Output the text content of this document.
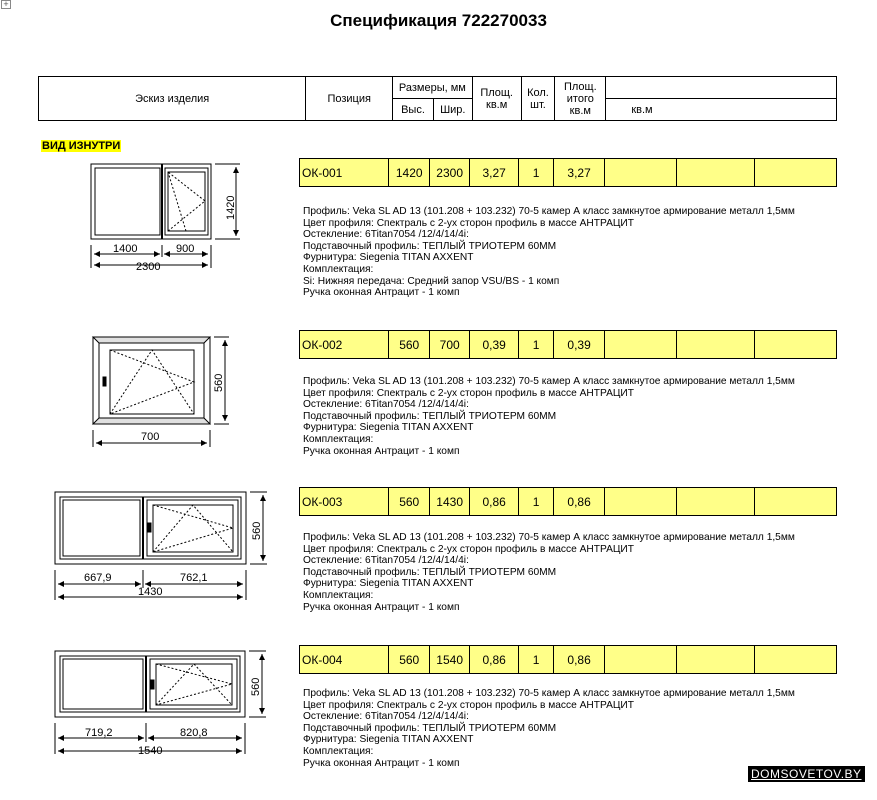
+
Спецификация 722270033
Эскиз изделия	Позиция	Размеры, мм		Площ. кв.м	Кол. шт.	Площ. итого кв.м	
		Выс.	Шир.				кв.м
ВИД ИЗНУТРИ
ОК-001	1420	2300	3,27	1	3,27			
Профиль: Veka SL AD 13 (101.208 + 103.232) 70-5 камер А класс замкнутое армирование металл 1,5мм
Цвет профиля: Спектраль с 2-ух сторон профиль в массе АНТРАЦИТ
Остекление: 6Titan7054 /12/4/14/4i:
Подставочный профиль: ТЕПЛЫЙ ТРИОТЕРМ 60ММ
Фурнитура: Siegenia TITAN AXXENT
Комплектация:
Si: Нижняя передача: Средний запор VSU/BS - 1 комп
Ручка оконная Антрацит - 1 комп
ОК-002	560	700	0,39	1	0,39			
Профиль: Veka SL AD 13 (101.208 + 103.232) 70-5 камер А класс замкнутое армирование металл 1,5мм
Цвет профиля: Спектраль с 2-ух сторон профиль в массе АНТРАЦИТ
Остекление: 6Titan7054 /12/4/14/4i:
Подставочный профиль: ТЕПЛЫЙ ТРИОТЕРМ 60ММ
Фурнитура: Siegenia TITAN AXXENT
Комплектация:
Ручка оконная Антрацит - 1 комп
ОК-003	560	1430	0,86	1	0,86			
Профиль: Veka SL AD 13 (101.208 + 103.232) 70-5 камер А класс замкнутое армирование металл 1,5мм
Цвет профиля: Спектраль с 2-ух сторон профиль в массе АНТРАЦИТ
Остекление: 6Titan7054 /12/4/14/4i:
Подставочный профиль: ТЕПЛЫЙ ТРИОТЕРМ 60ММ
Фурнитура: Siegenia TITAN AXXENT
Комплектация:
Ручка оконная Антрацит - 1 комп
ОК-004	560	1540	0,86	1	0,86			
Профиль: Veka SL AD 13 (101.208 + 103.232) 70-5 камер А класс замкнутое армирование металл 1,5мм
Цвет профиля: Спектраль с 2-ух сторон профиль в массе АНТРАЦИТ
Остекление: 6Titan7054 /12/4/14/4i:
Подставочный профиль: ТЕПЛЫЙ ТРИОТЕРМ 60ММ
Фурнитура: Siegenia TITAN AXXENT
Комплектация:
Ручка оконная Антрацит - 1 комп
1400	900
2300
1420
700
560
667,9	762,1
1430
560
719,2	820,8
1540
560
DOMSOVETOV.BY
